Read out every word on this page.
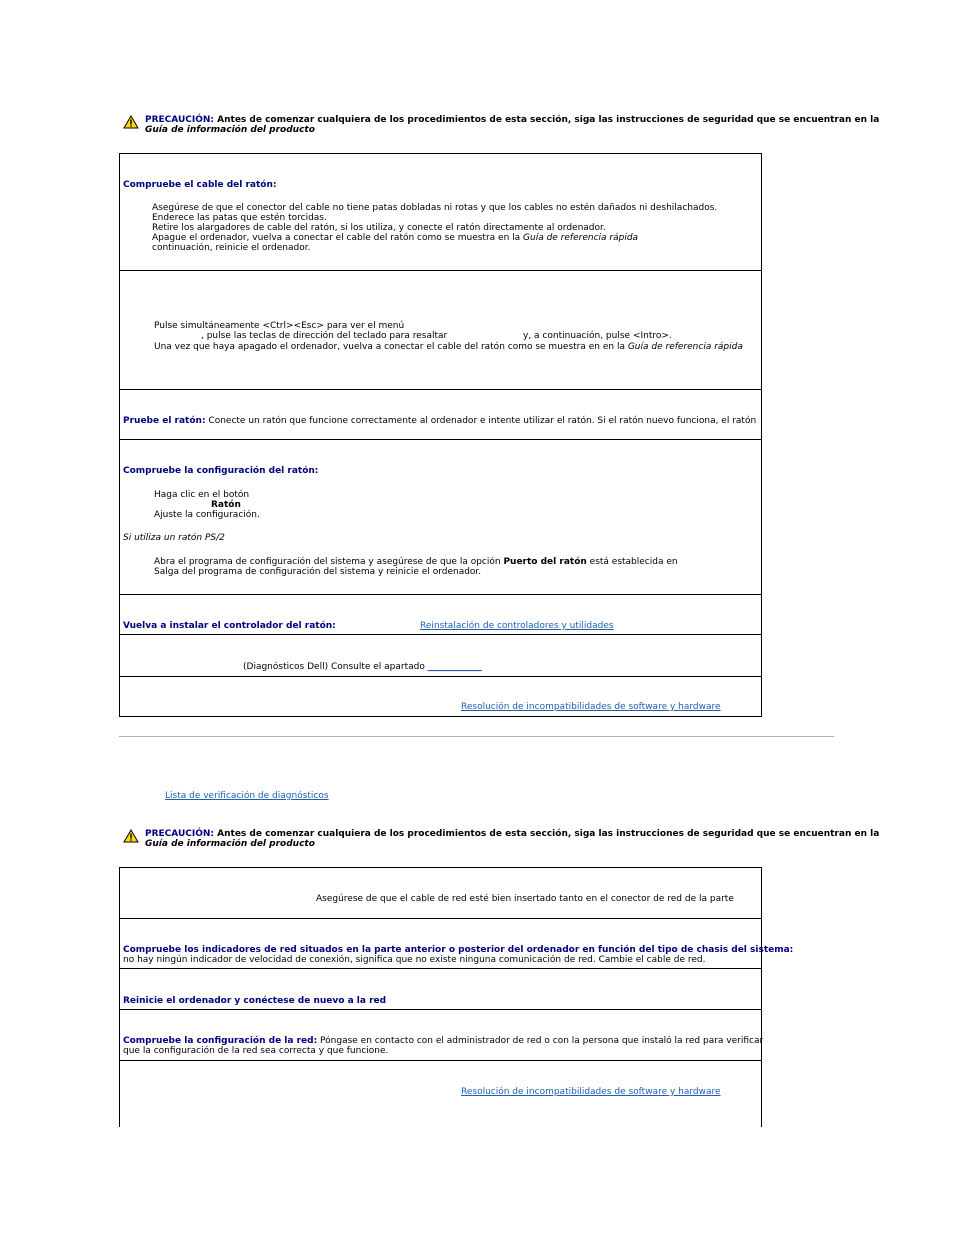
PRECAUCIÓN: Antes de comenzar cualquiera de los procedimientos de esta sección, siga las instrucciones de seguridad que se encuentran en la
Guía de información del producto
Compruebe el cable del ratón:
Asegúrese de que el conector del cable no tiene patas dobladas ni rotas y que los cables no estén dañados ni deshilachados.
Enderece las patas que estén torcidas.
Retire los alargadores de cable del ratón, si los utiliza, y conecte el ratón directamente al ordenador.
Apague el ordenador, vuelva a conectar el cable del ratón como se muestra en la Guía de referencia rápida
continuación, reinicie el ordenador.
Pulse simultáneamente <Ctrl><Esc> para ver el menú
, pulse las teclas de dirección del teclado para resaltar	y, a continuación, pulse <Intro>.
Una vez que haya apagado el ordenador, vuelva a conectar el cable del ratón como se muestra en en la Guía de referencia rápida
Pruebe el ratón: Conecte un ratón que funcione correctamente al ordenador e intente utilizar el ratón. Si el ratón nuevo funciona, el ratón
Compruebe la configuración del ratón:
Haga clic en el botón
Ratón
Ajuste la configuración.
Si utiliza un ratón PS/2
Abra el programa de configuración del sistema y asegúrese de que la opción Puerto del ratón está establecida en
Salga del programa de configuración del sistema y reinicie el ordenador.
Vuelva a instalar el controlador del ratón:	Reinstalación de controladores y utilidades
(Diagnósticos Dell) Consulte el apartado ____________
Resolución de incompatibilidades de software y hardware
Lista de verificación de diagnósticos
PRECAUCIÓN: Antes de comenzar cualquiera de los procedimientos de esta sección, siga las instrucciones de seguridad que se encuentran en la
Guía de información del producto
Asegúrese de que el cable de red esté bien insertado tanto en el conector de red de la parte
Compruebe los indicadores de red situados en la parte anterior o posterior del ordenador en función del tipo de chasis del sistema:
no hay ningún indicador de velocidad de conexión, significa que no existe ninguna comunicación de red. Cambie el cable de red.
Reinicie el ordenador y conéctese de nuevo a la red
Compruebe la configuración de la red: Póngase en contacto con el administrador de red o con la persona que instaló la red para verificar
que la configuración de la red sea correcta y que funcione.
Resolución de incompatibilidades de software y hardware
